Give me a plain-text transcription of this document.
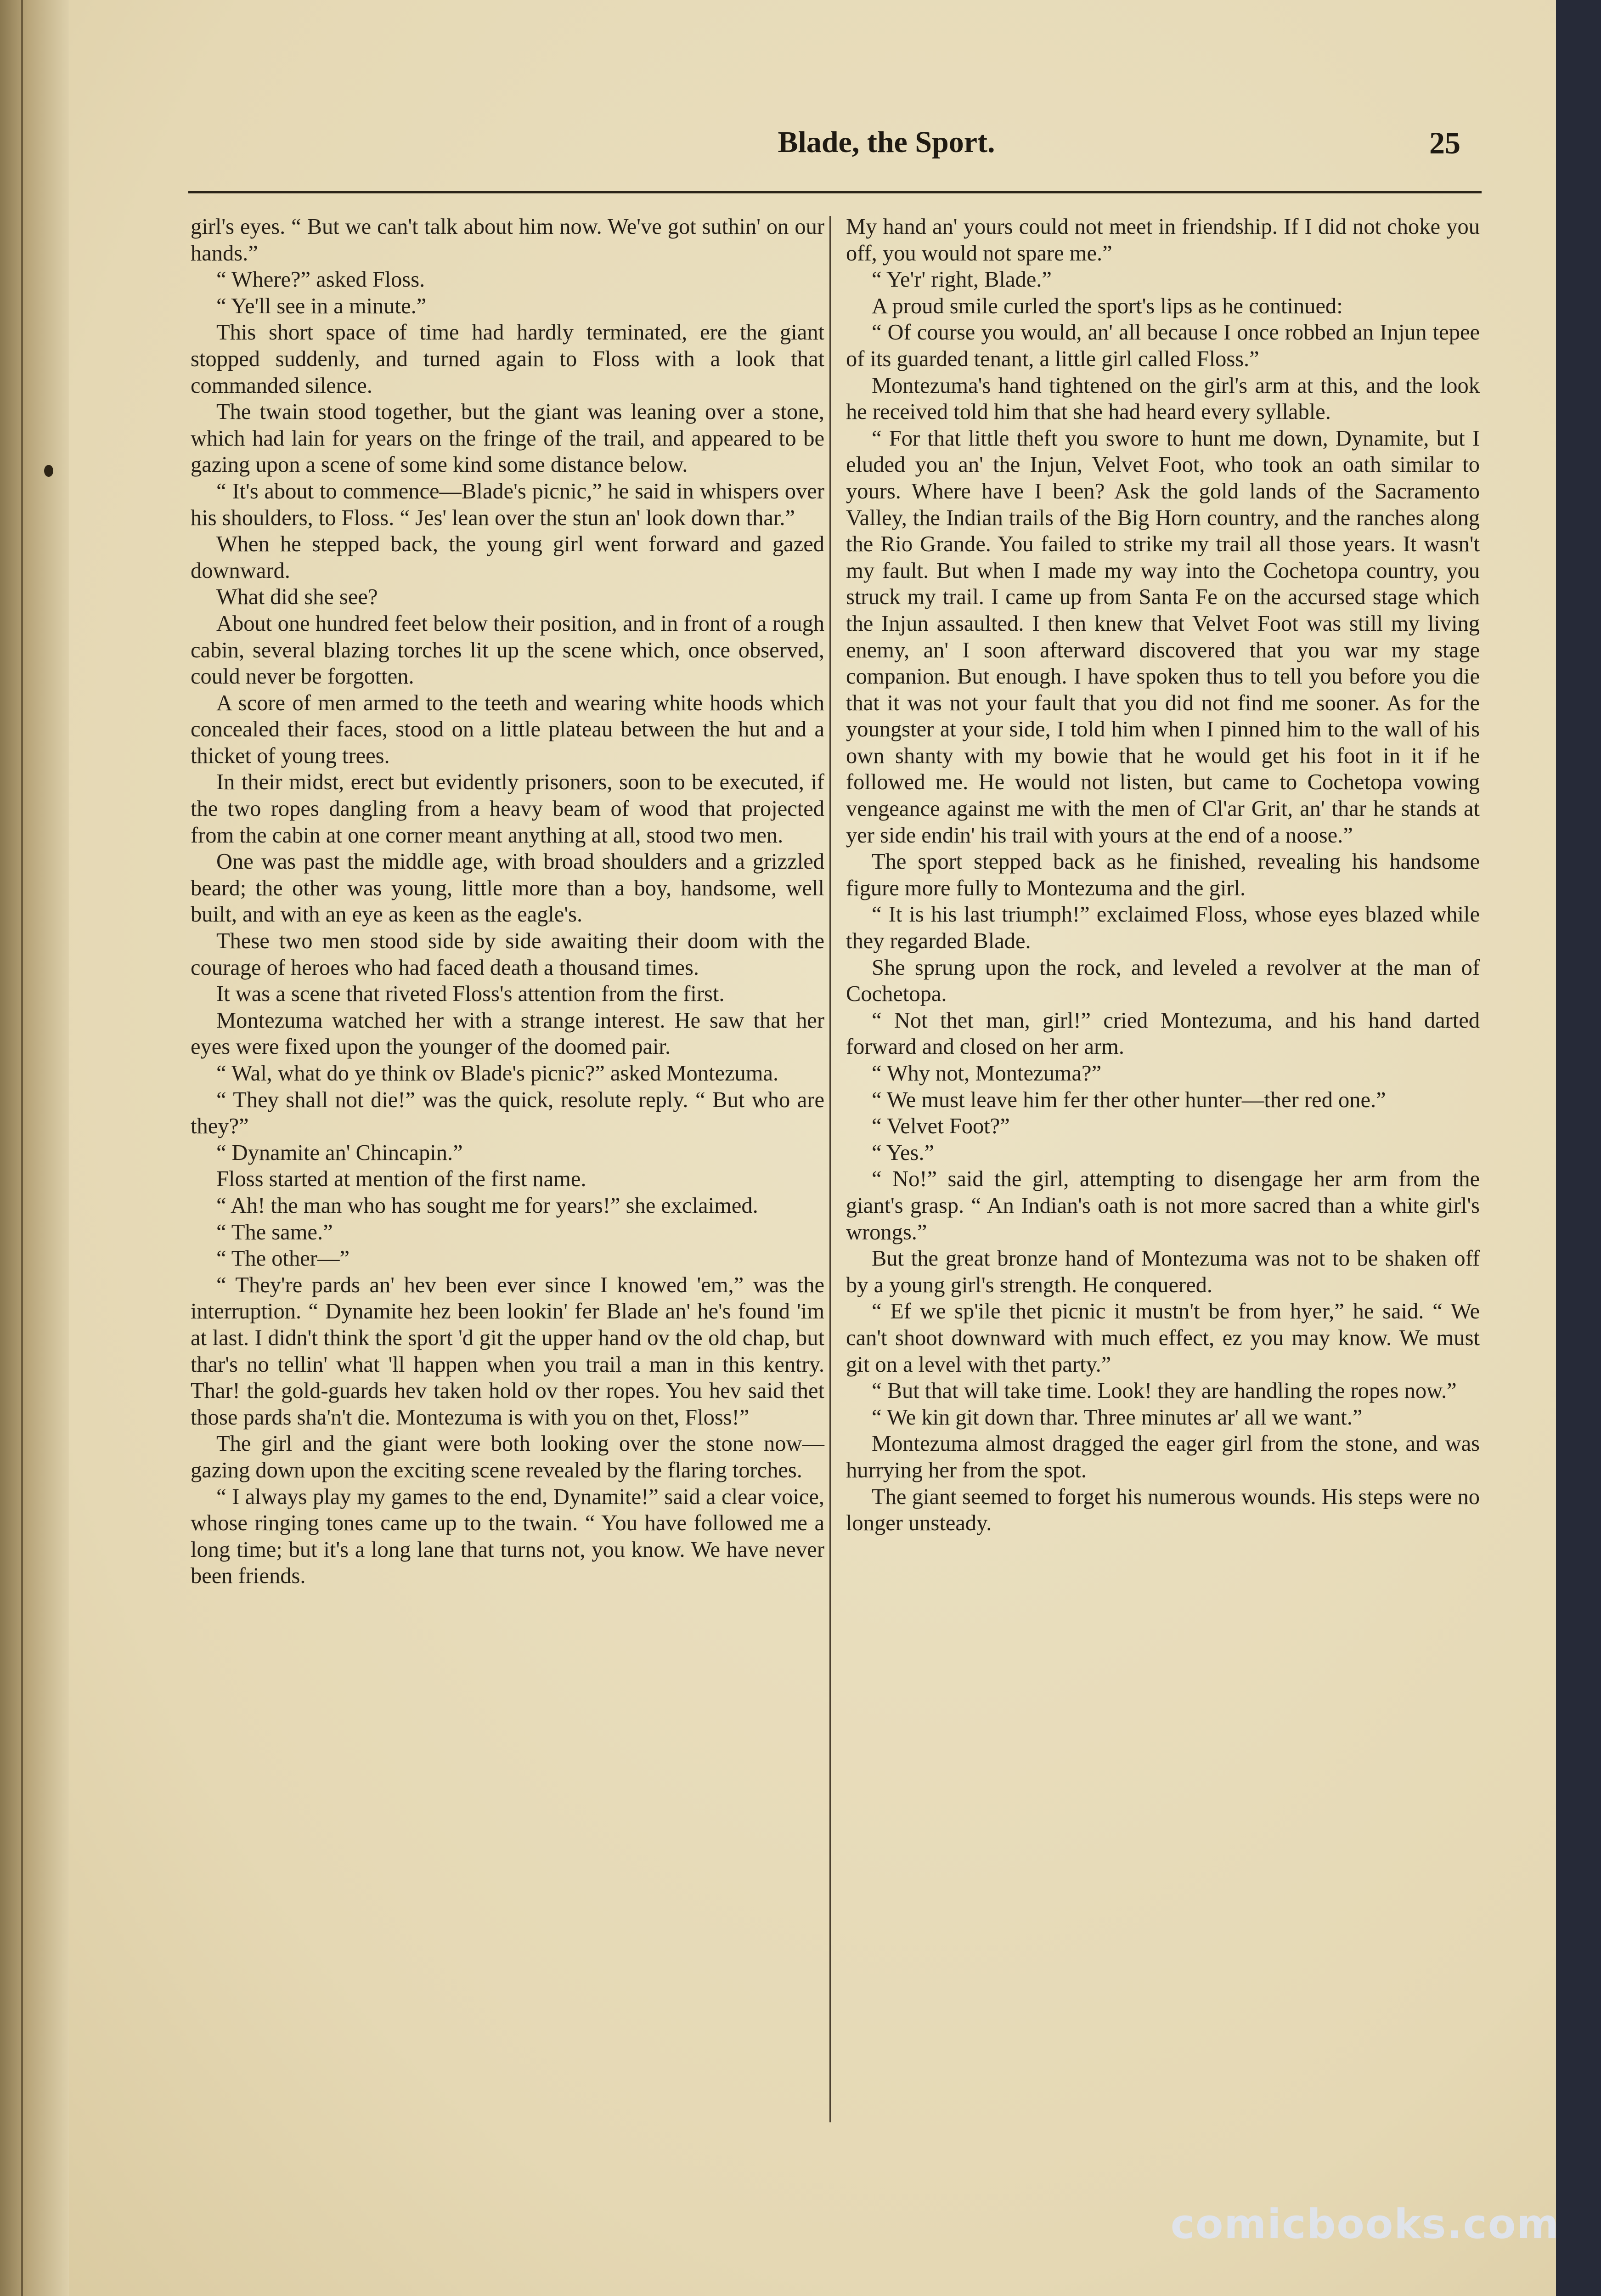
Blade, the Sport.	25

girl's eyes. “ But we can't talk about him now. We've got suthin' on our hands.”

“ Where?” asked Floss.

“ Ye'll see in a minute.”

This short space of time had hardly terminated, ere the giant stopped suddenly, and turned again to Floss with a look that commanded silence.

The twain stood together, but the giant was leaning over a stone, which had lain for years on the fringe of the trail, and appeared to be gazing upon a scene of some kind some distance below.

“ It's about to commence—Blade's picnic,” he said in whispers over his shoulders, to Floss. “ Jes' lean over the stun an' look down thar.”

When he stepped back, the young girl went forward and gazed downward.

What did she see?

About one hundred feet below their position, and in front of a rough cabin, several blazing torches lit up the scene which, once observed, could never be forgotten.

A score of men armed to the teeth and wearing white hoods which concealed their faces, stood on a little plateau between the hut and a thicket of young trees.

In their midst, erect but evidently prisoners, soon to be executed, if the two ropes dangling from a heavy beam of wood that projected from the cabin at one corner meant anything at all, stood two men.

One was past the middle age, with broad shoulders and a grizzled beard; the other was young, little more than a boy, handsome, well built, and with an eye as keen as the eagle's.

These two men stood side by side awaiting their doom with the courage of heroes who had faced death a thousand times.

It was a scene that riveted Floss's attention from the first.

Montezuma watched her with a strange interest. He saw that her eyes were fixed upon the younger of the doomed pair.

“ Wal, what do ye think ov Blade's picnic?” asked Montezuma.

“ They shall not die!” was the quick, resolute reply. “ But who are they?”

“ Dynamite an' Chincapin.”

Floss started at mention of the first name.

“ Ah! the man who has sought me for years!” she exclaimed.

“ The same.”

“ The other—”

“ They're pards an' hev been ever since I knowed 'em,” was the interruption. “ Dynamite hez been lookin' fer Blade an' he's found 'im at last. I didn't think the sport 'd git the upper hand ov the old chap, but thar's no tellin' what 'll happen when you trail a man in this kentry. Thar! the gold-guards hev taken hold ov ther ropes. You hev said thet those pards sha'n't die. Montezuma is with you on thet, Floss!”

The girl and the giant were both looking over the stone now—gazing down upon the exciting scene revealed by the flaring torches.

“ I always play my games to the end, Dynamite!” said a clear voice, whose ringing tones came up to the twain. “ You have followed me a long time; but it's a long lane that turns not, you know. We have never been friends.

My hand an' yours could not meet in friendship. If I did not choke you off, you would not spare me.”

“ Ye'r' right, Blade.”

A proud smile curled the sport's lips as he continued:

“ Of course you would, an' all because I once robbed an Injun tepee of its guarded tenant, a little girl called Floss.”

Montezuma's hand tightened on the girl's arm at this, and the look he received told him that she had heard every syllable.

“ For that little theft you swore to hunt me down, Dynamite, but I eluded you an' the Injun, Velvet Foot, who took an oath similar to yours. Where have I been? Ask the gold lands of the Sacramento Valley, the Indian trails of the Big Horn country, and the ranches along the Rio Grande. You failed to strike my trail all those years. It wasn't my fault. But when I made my way into the Cochetopa country, you struck my trail. I came up from Santa Fe on the accursed stage which the Injun assaulted. I then knew that Velvet Foot was still my living enemy, an' I soon afterward discovered that you war my stage companion. But enough. I have spoken thus to tell you before you die that it was not your fault that you did not find me sooner. As for the youngster at your side, I told him when I pinned him to the wall of his own shanty with my bowie that he would get his foot in it if he followed me. He would not listen, but came to Cochetopa vowing vengeance against me with the men of Cl'ar Grit, an' thar he stands at yer side endin' his trail with yours at the end of a noose.”

The sport stepped back as he finished, revealing his handsome figure more fully to Montezuma and the girl.

“ It is his last triumph!” exclaimed Floss, whose eyes blazed while they regarded Blade.

She sprung upon the rock, and leveled a revolver at the man of Cochetopa.

“ Not thet man, girl!” cried Montezuma, and his hand darted forward and closed on her arm.

“ Why not, Montezuma?”

“ We must leave him fer ther other hunter—ther red one.”

“ Velvet Foot?”

“ Yes.”

“ No!” said the girl, attempting to disengage her arm from the giant's grasp. “ An Indian's oath is not more sacred than a white girl's wrongs.”

But the great bronze hand of Montezuma was not to be shaken off by a young girl's strength. He conquered.

“ Ef we sp'ile thet picnic it mustn't be from hyer,” he said. “ We can't shoot downward with much effect, ez you may know. We must git on a level with thet party.”

“ But that will take time. Look! they are handling the ropes now.”

“ We kin git down thar. Three minutes ar' all we want.”

Montezuma almost dragged the eager girl from the stone, and was hurrying her from the spot.

The giant seemed to forget his numerous wounds. His steps were no longer unsteady.

comicbooks.com
